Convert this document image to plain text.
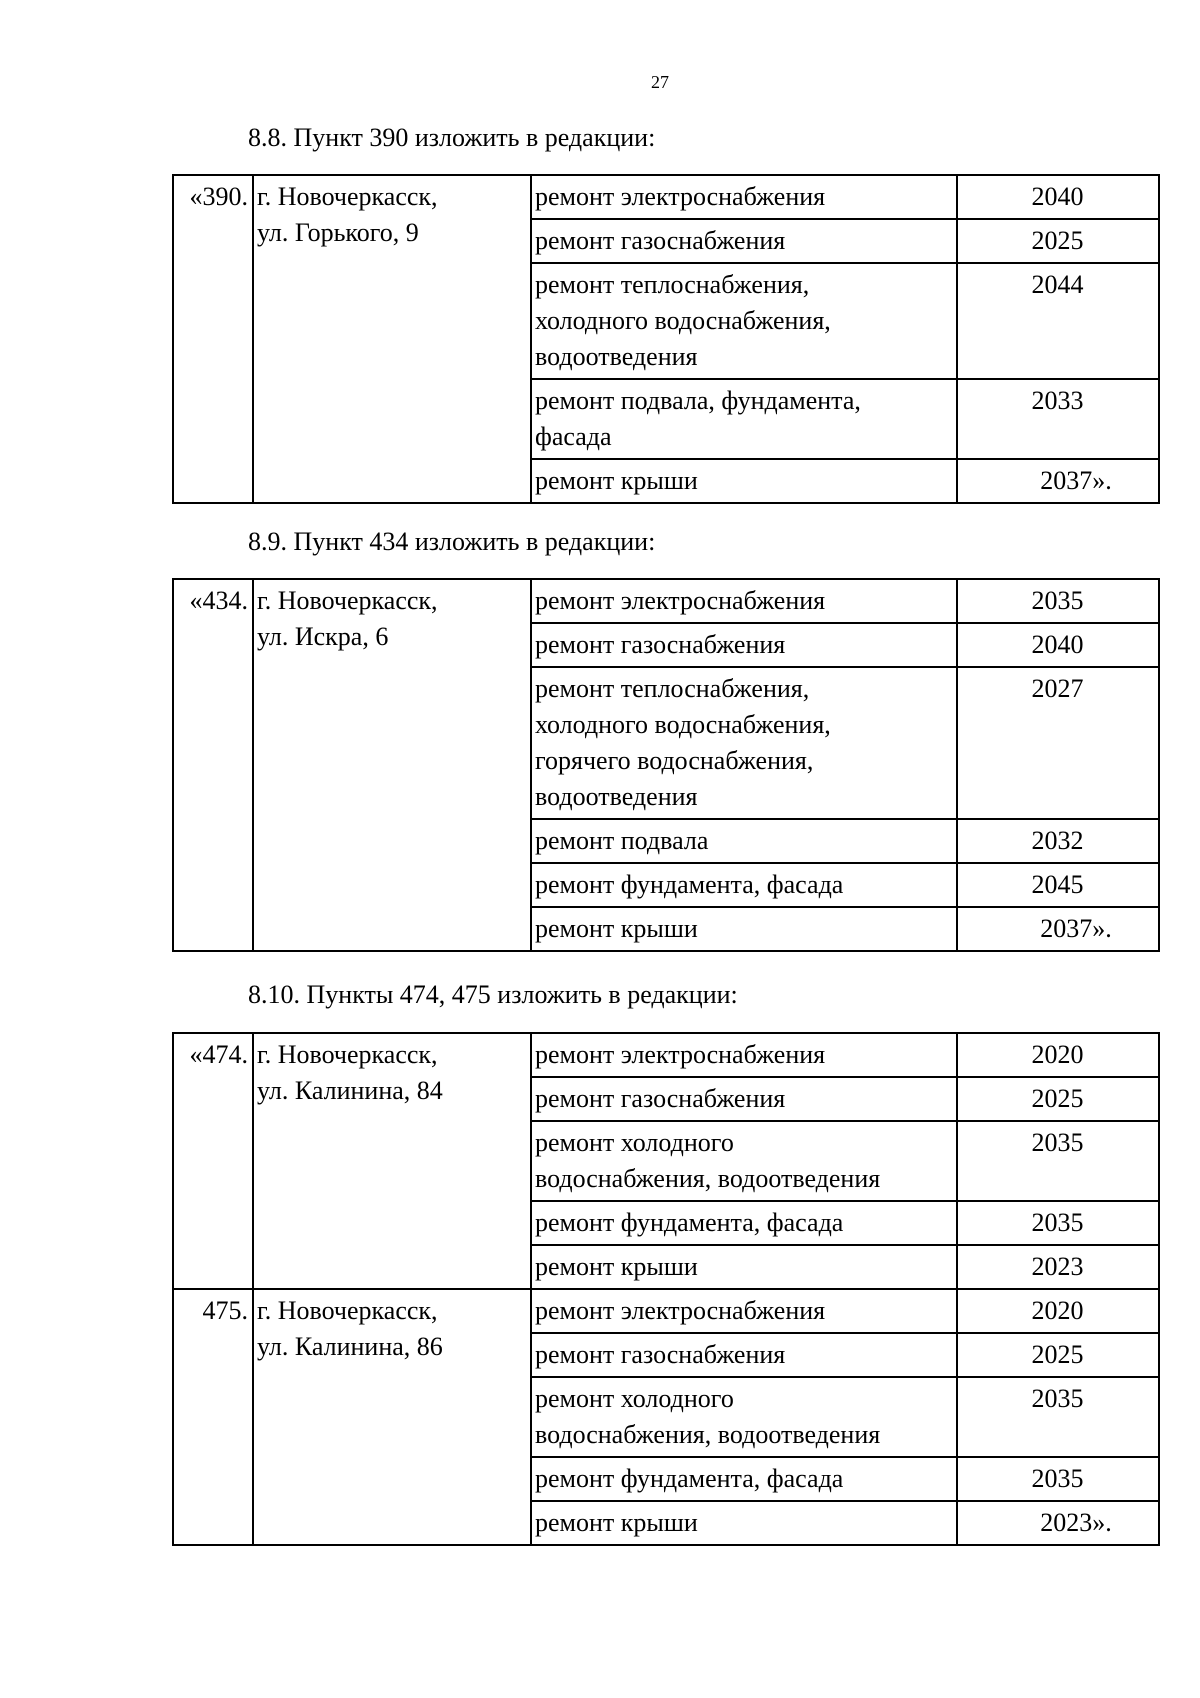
27
8.8. Пункт 390 изложить в редакции:
«390.	г. Новочеркасск,
ул. Горького, 9	ремонт электроснабжения	2040
		ремонт газоснабжения	2025
		ремонт теплоснабжения,
холодного водоснабжения,
водоотведения	2044
		ремонт подвала, фундамента,
фасада	2033
		ремонт крыши	2037».
8.9. Пункт 434 изложить в редакции:
«434.	г. Новочеркасск,
ул. Искра, 6	ремонт электроснабжения	2035
		ремонт газоснабжения	2040
		ремонт теплоснабжения,
холодного водоснабжения,
горячего водоснабжения,
водоотведения	2027
		ремонт подвала	2032
		ремонт фундамента, фасада	2045
		ремонт крыши	2037».
8.10. Пункты 474, 475 изложить в редакции:
«474.	г. Новочеркасск,
ул. Калинина, 84	ремонт электроснабжения	2020
		ремонт газоснабжения	2025
		ремонт холодного
водоснабжения, водоотведения	2035
		ремонт фундамента, фасада	2035
		ремонт крыши	2023
475.	г. Новочеркасск,
ул. Калинина, 86	ремонт электроснабжения	2020
		ремонт газоснабжения	2025
		ремонт холодного
водоснабжения, водоотведения	2035
		ремонт фундамента, фасада	2035
		ремонт крыши	2023».
